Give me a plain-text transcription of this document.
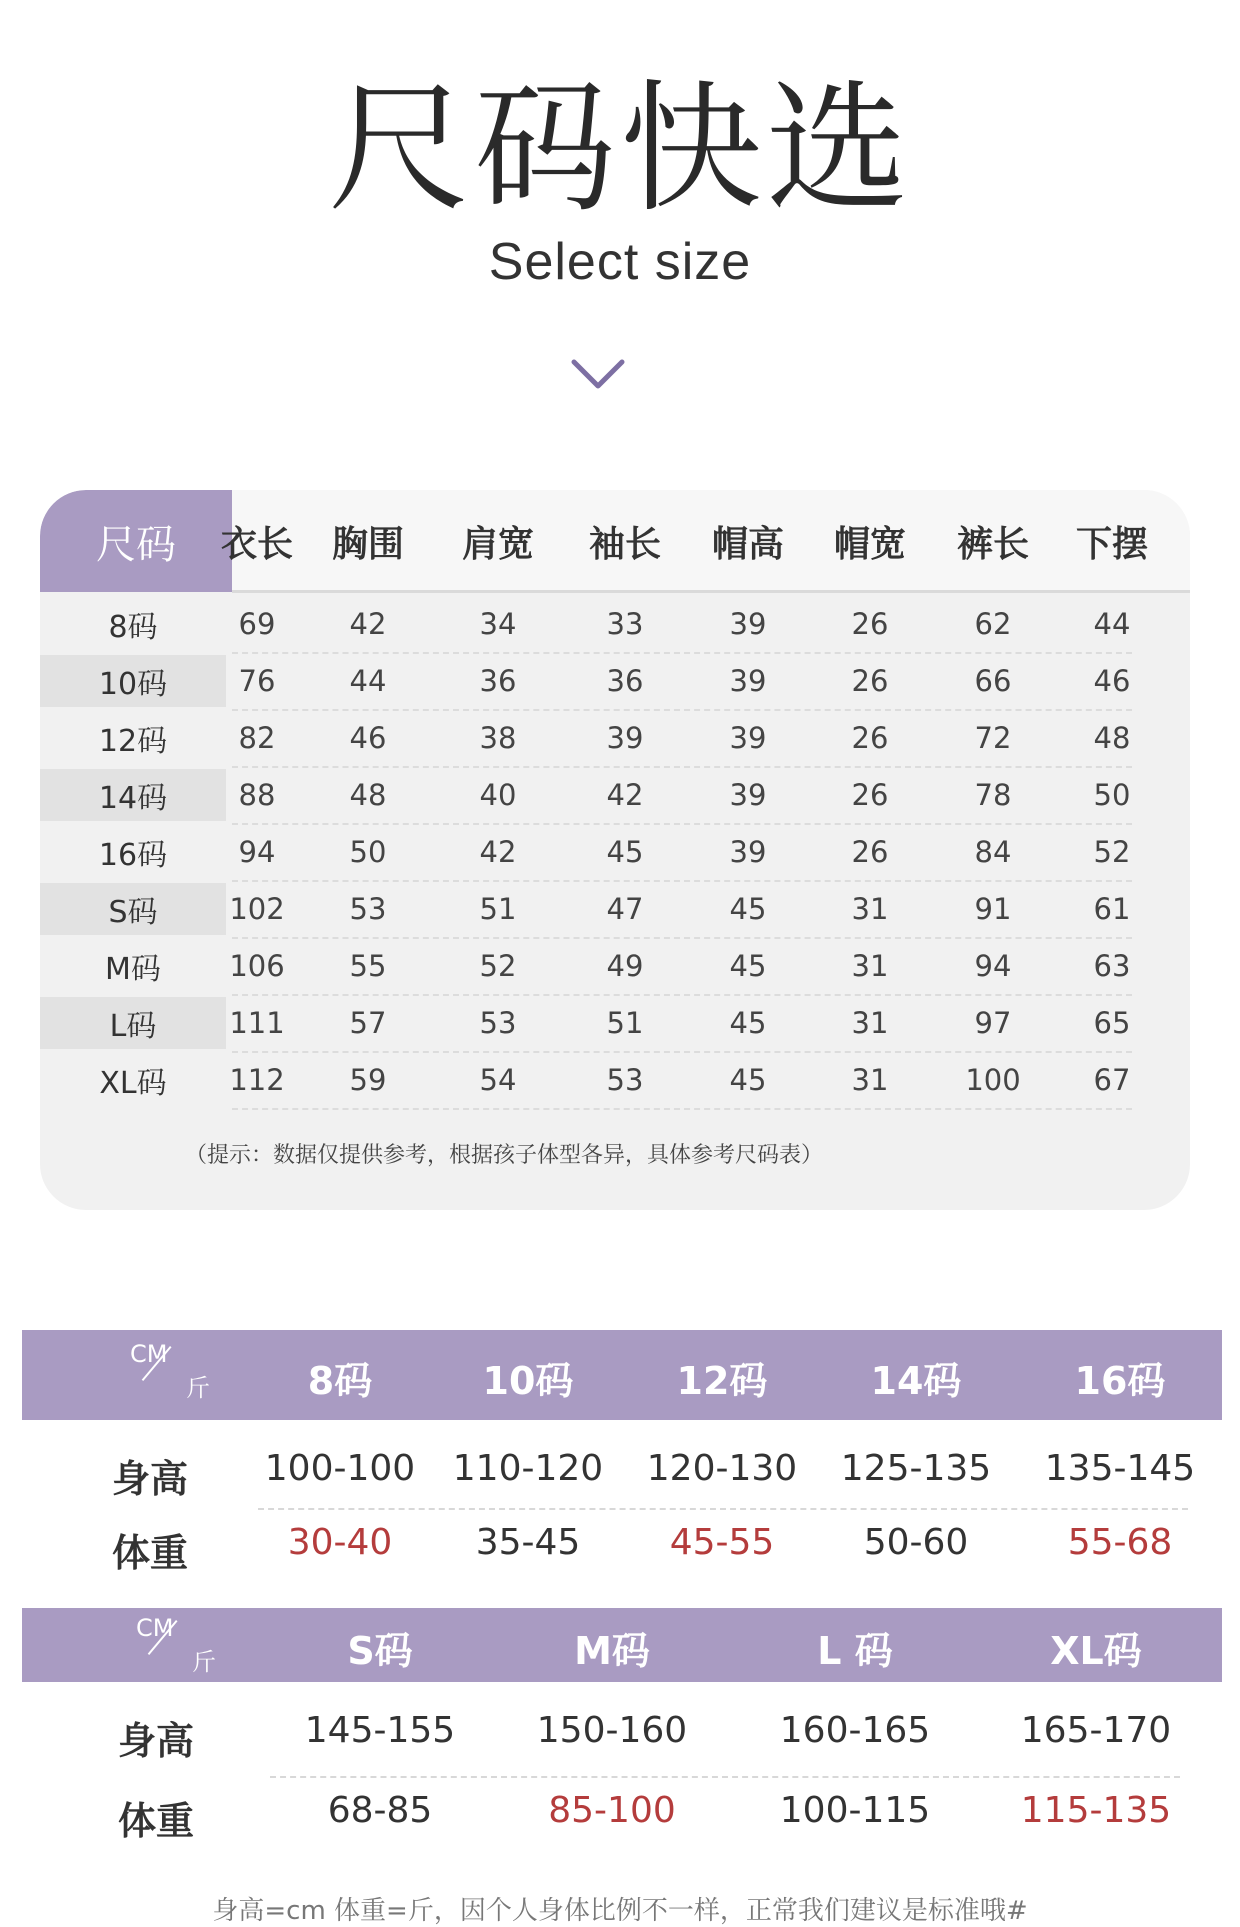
尺码快选
Select size
尺码
（提示：数据仅提供参考，根据孩子体型各异，具体参考尺码表）
衣长	胸围	肩宽	袖长	帽高	帽宽	裤长	下摆
8码	69	42	34	33	39	26	62	44
10码	76	44	36	36	39	26	66	46
12码	82	46	38	39	39	26	72	48
14码	88	48	40	42	39	26	78	50
16码	94	50	42	45	39	26	84	52
S码	102	53	51	47	45	31	91	61
M码	106	55	52	49	45	31	94	63
L码	111	57	53	51	45	31	97	65
XL码	112	59	54	53	45	31	100	67
CM
斤	8码	10码	12码	14码	16码
身高
体重
100-100	110-120	120-130	125-135	135-145
30-40	35-45	45-55	50-60	55-68
CM
斤	S码	M码	L 码	XL码
身高
体重
145-155	150-160	160-165	165-170
68-85	85-100	100-115	115-135
身高=cm 体重=斤，因个人身体比例不一样，正常我们建议是标准哦#
